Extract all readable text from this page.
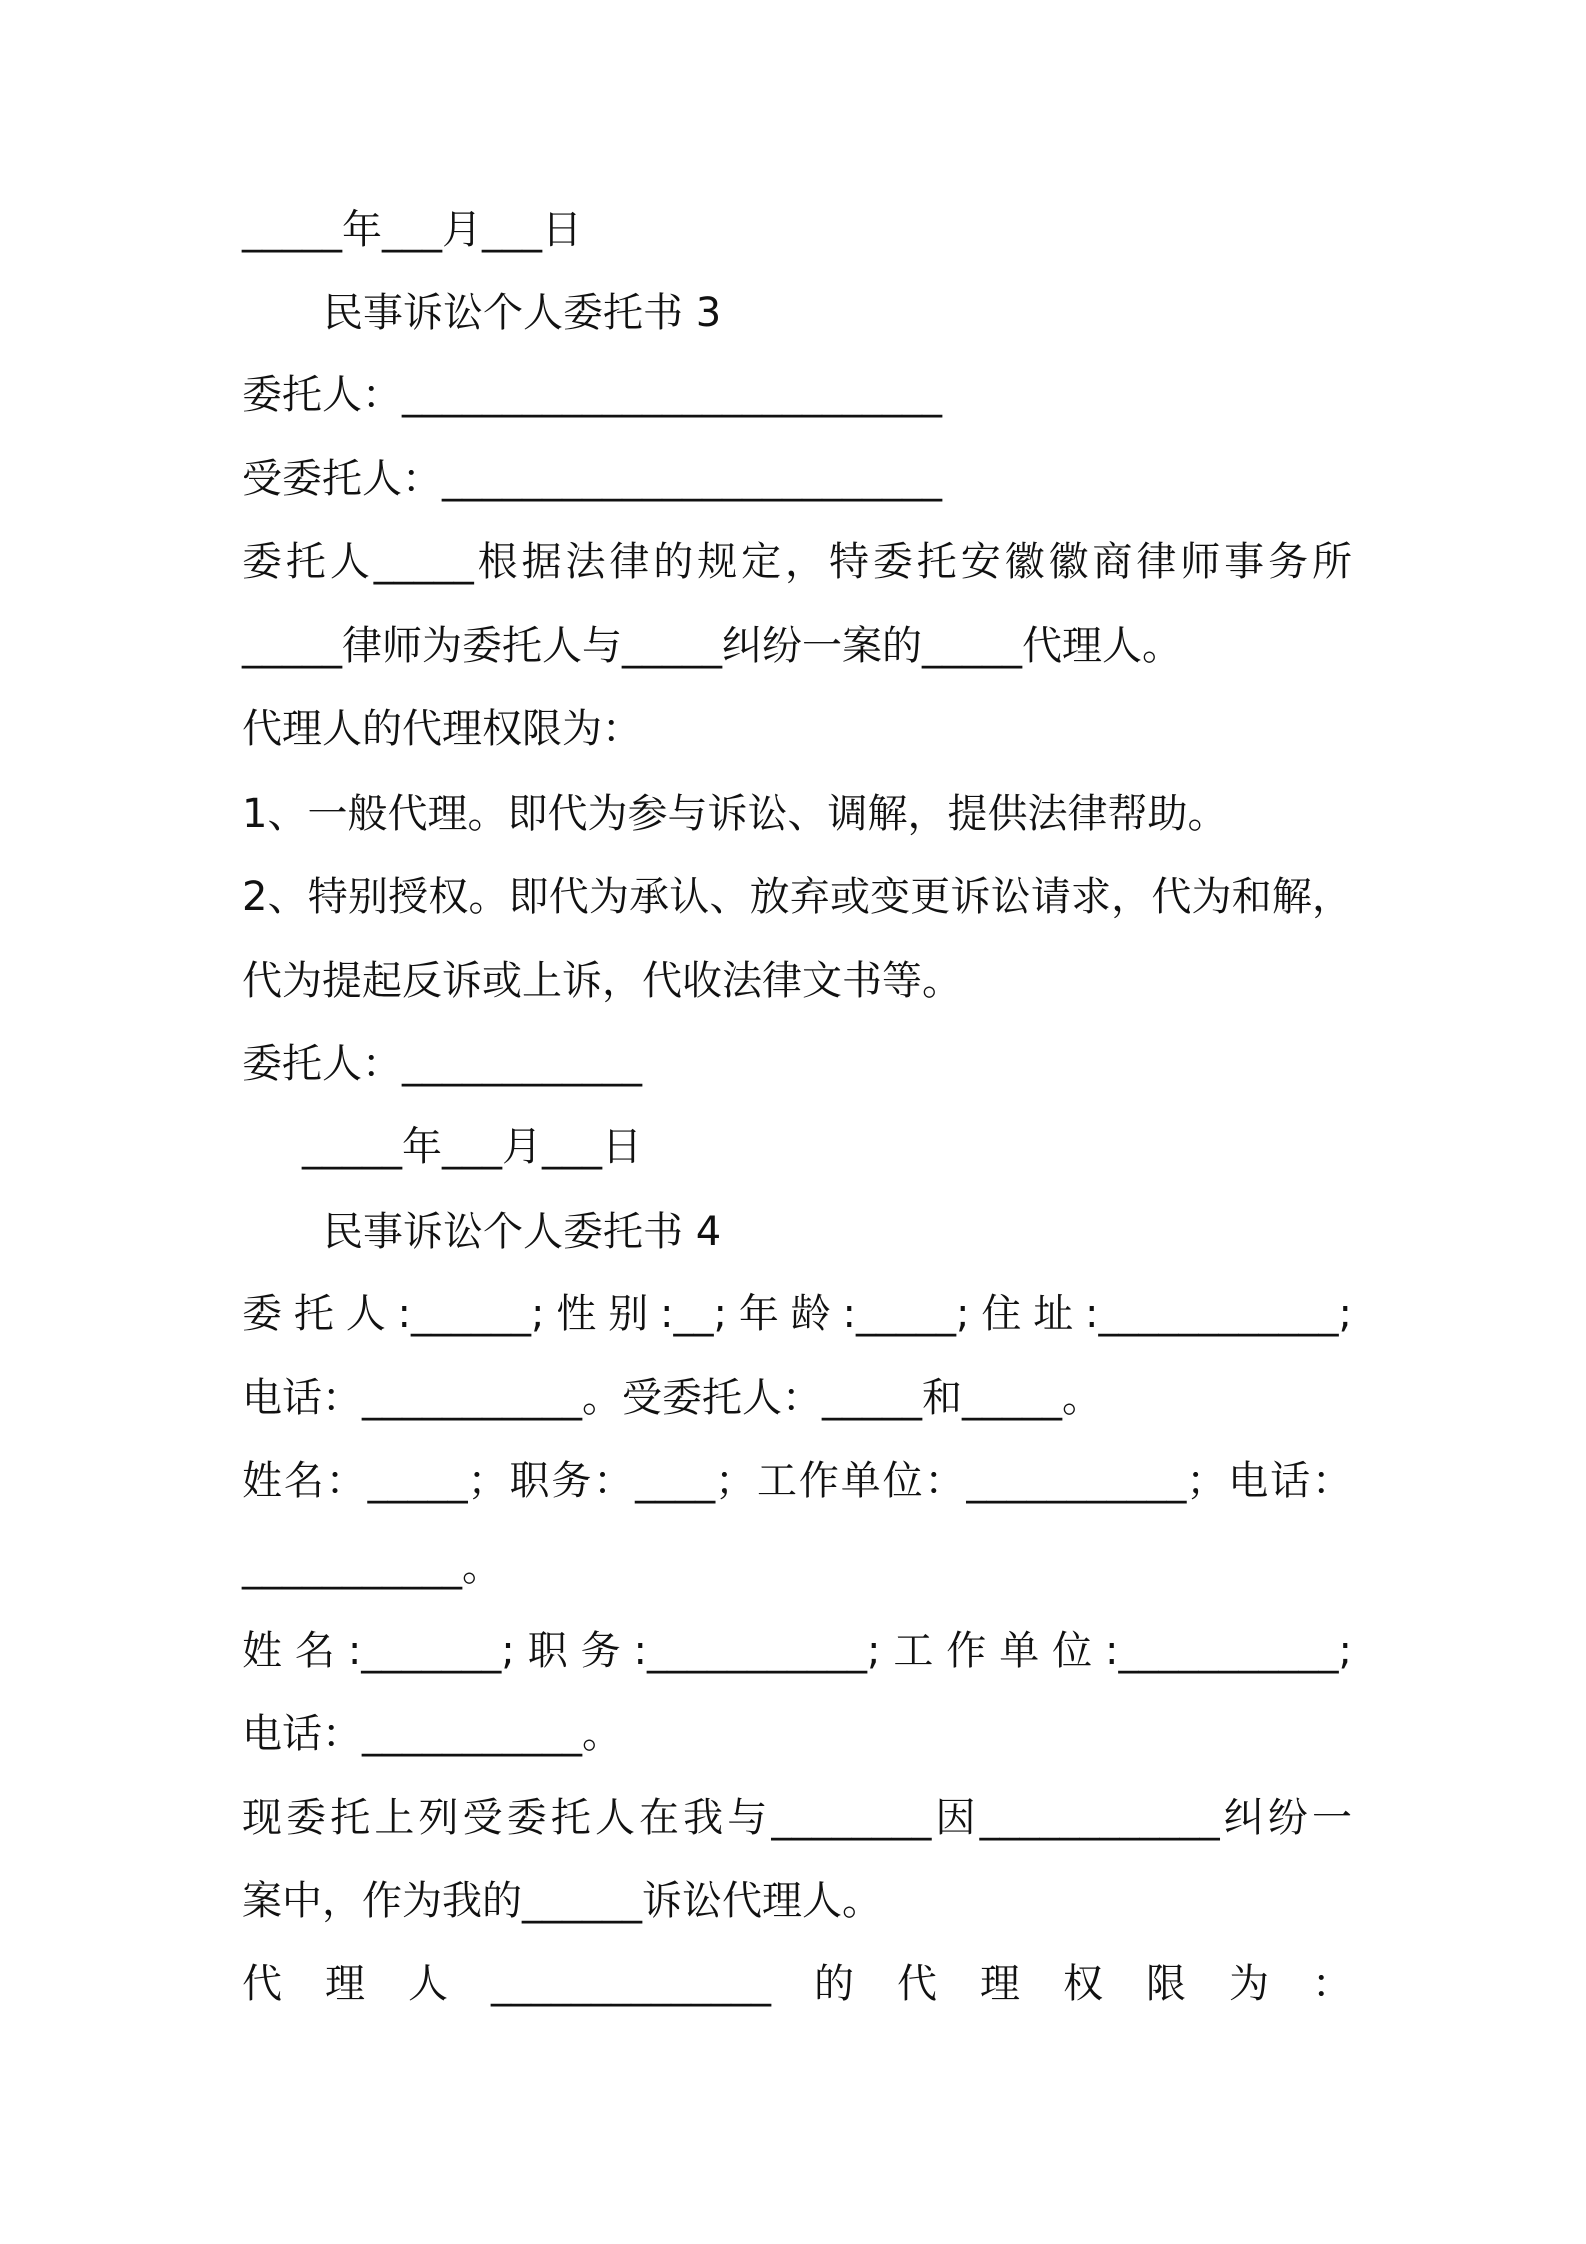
_____年___月___日
民事诉讼个人委托书 3
委托人：___________________________
受委托人：_________________________
委托人_____根据法律的规定，特委托安徽徽商律师事务所
_____律师为委托人与_____纠纷一案的_____代理人。
代理人的代理权限为：
1、一般代理。即代为参与诉讼、调解，提供法律帮助。
2、特别授权。即代为承认、放弃或变更诉讼请求，代为和解，
代为提起反诉或上诉，代收法律文书等。
委托人：____________
_____年___月___日
民事诉讼个人委托书 4
委托人:______;性别:__;年龄:_____;住址:____________;
电话：___________。受委托人：_____和_____。
姓名：_____；职务：____；工作单位：___________；电话：
___________。
姓名:_______;职务:___________;工作单位:___________;
电话：___________。
现委托上列受委托人在我与________因____________纠纷一
案中，作为我的______诉讼代理人。
代理人______________的代理权限为：
